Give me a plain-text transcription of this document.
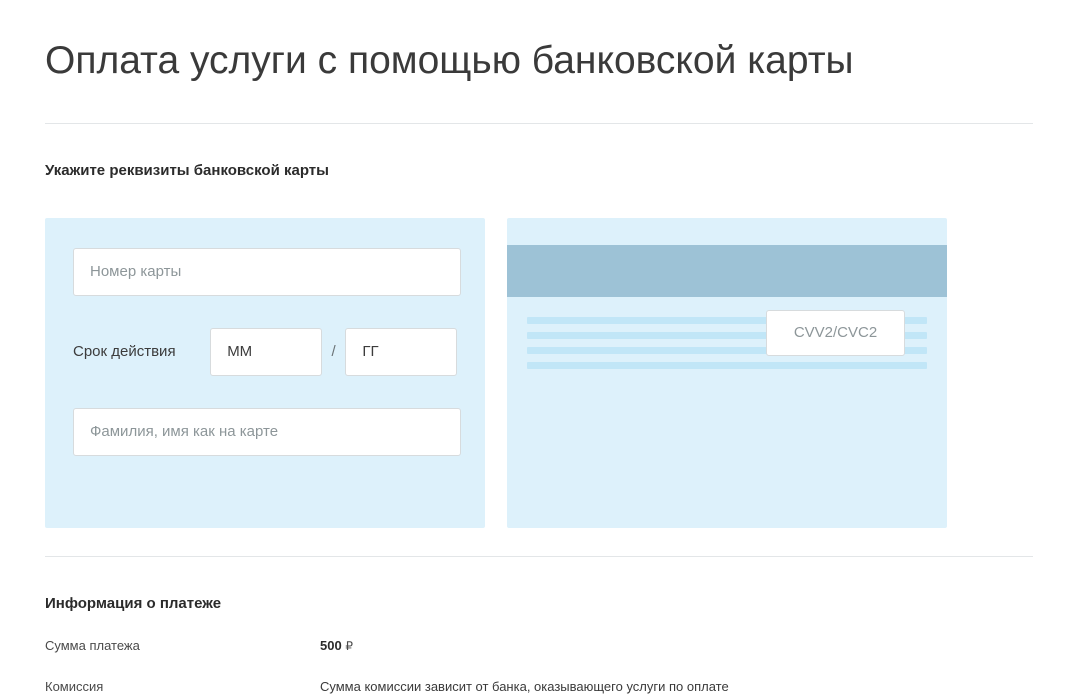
Оплата услуги с помощью банковской карты
Укажите реквизиты банковской карты
Номер карты
Срок действия	ММ	/	ГГ
Фамилия, имя как на карте
CVV2/CVC2
Информация о платеже
Сумма платежа	500 ₽
Комиссия	Сумма комиссии зависит от банка, оказывающего услуги по оплате
